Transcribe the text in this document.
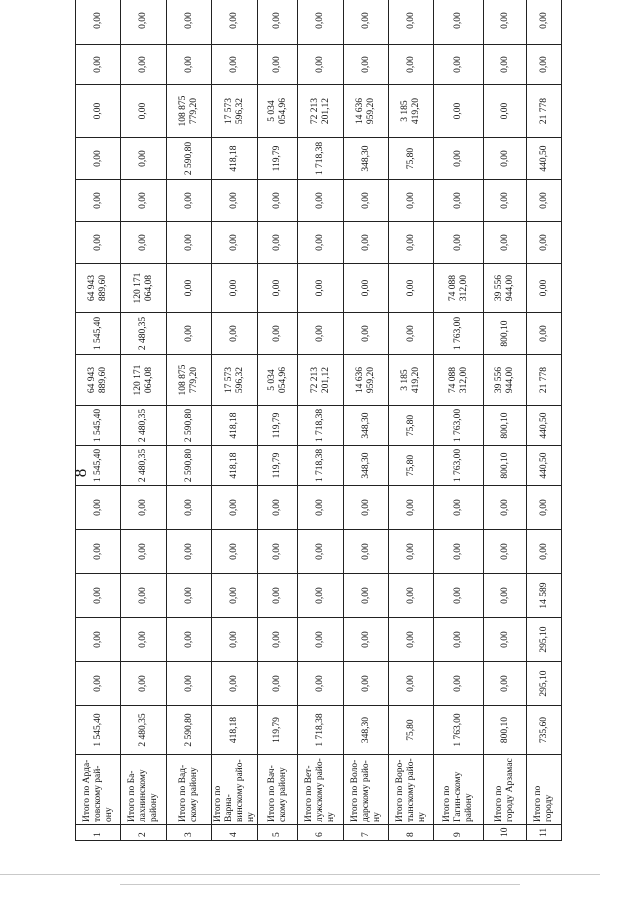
8
1	Итого по Арда-товскому рай-ону	1 545,40	0,00	0,00	0,00	0,00	0,00	1 545,40	1 545,40	64 943 889,60	1 545,40	64 943 889,60	0,00	0,00	0,00	0,00	0,00	0,00
2	Итого по Ба-лахнинскому району	2 480,35	0,00	0,00	0,00	0,00	0,00	2 480,35	2 480,35	120 171 064,08	2 480,35	120 171 064,08	0,00	0,00	0,00	0,00	0,00	0,00
3	Итого по Вад-скому району	2 590,80	0,00	0,00	0,00	0,00	0,00	2 590,80	2 590,80	108 875 779,20	0,00	0,00	0,00	0,00	2 590,80	108 875 779,20	0,00	0,00
4	Итого по Варна-винскому райо-ну	418,18	0,00	0,00	0,00	0,00	0,00	418,18	418,18	17 573 596,32	0,00	0,00	0,00	0,00	418,18	17 573 596,32	0,00	0,00
5	Итого по Вач-скому району	119,79	0,00	0,00	0,00	0,00	0,00	119,79	119,79	5 034 054,96	0,00	0,00	0,00	0,00	119,79	5 034 054,96	0,00	0,00
6	Итого по Вет-лужскому райо-ну	1 718,38	0,00	0,00	0,00	0,00	0,00	1 718,38	1 718,38	72 213 201,12	0,00	0,00	0,00	0,00	1 718,38	72 213 201,12	0,00	0,00
7	Итого по Воло-дарскому райо-ну	348,30	0,00	0,00	0,00	0,00	0,00	348,30	348,30	14 636 959,20	0,00	0,00	0,00	0,00	348,30	14 636 959,20	0,00	0,00
8	Итого по Воро-тынскому райо-ну	75,80	0,00	0,00	0,00	0,00	0,00	75,80	75,80	3 185 419,20	0,00	0,00	0,00	0,00	75,80	3 185 419,20	0,00	0,00
9	Итого по Гагин-скому району	1 763,00	0,00	0,00	0,00	0,00	0,00	1 763,00	1 763,00	74 088 312,00	1 763,00	74 088 312,00	0,00	0,00	0,00	0,00	0,00	0,00
10	Итого по городу Арзамас	800,10	0,00	0,00	0,00	0,00	0,00	800,10	800,10	39 556 944,00	800,10	39 556 944,00	0,00	0,00	0,00	0,00	0,00	0,00
11	Итого по городу	735,60	295,10	295,10	14 589	0,00	0,00	440,50	440,50	21 778	0,00	0,00	0,00	0,00	440,50	21 778	0,00	0,00
